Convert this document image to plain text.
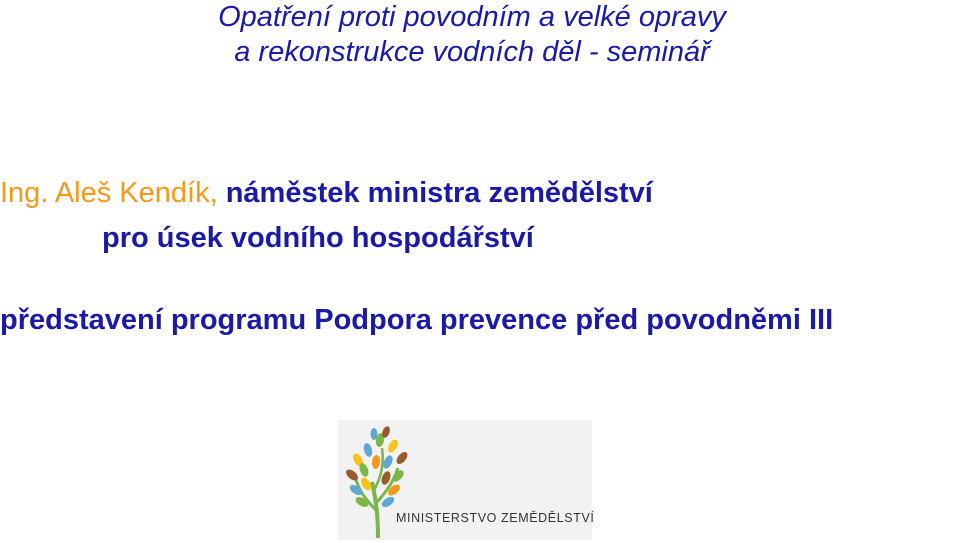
Opatření proti povodním a velké opravy
a rekonstrukce vodních děl - seminář
Ing. Aleš Kendík, náměstek ministra zemědělství
pro úsek vodního hospodářství
představení programu Podpora prevence před povodněmi III
MINISTERSTVO ZEMĚDĚLSTVÍ
